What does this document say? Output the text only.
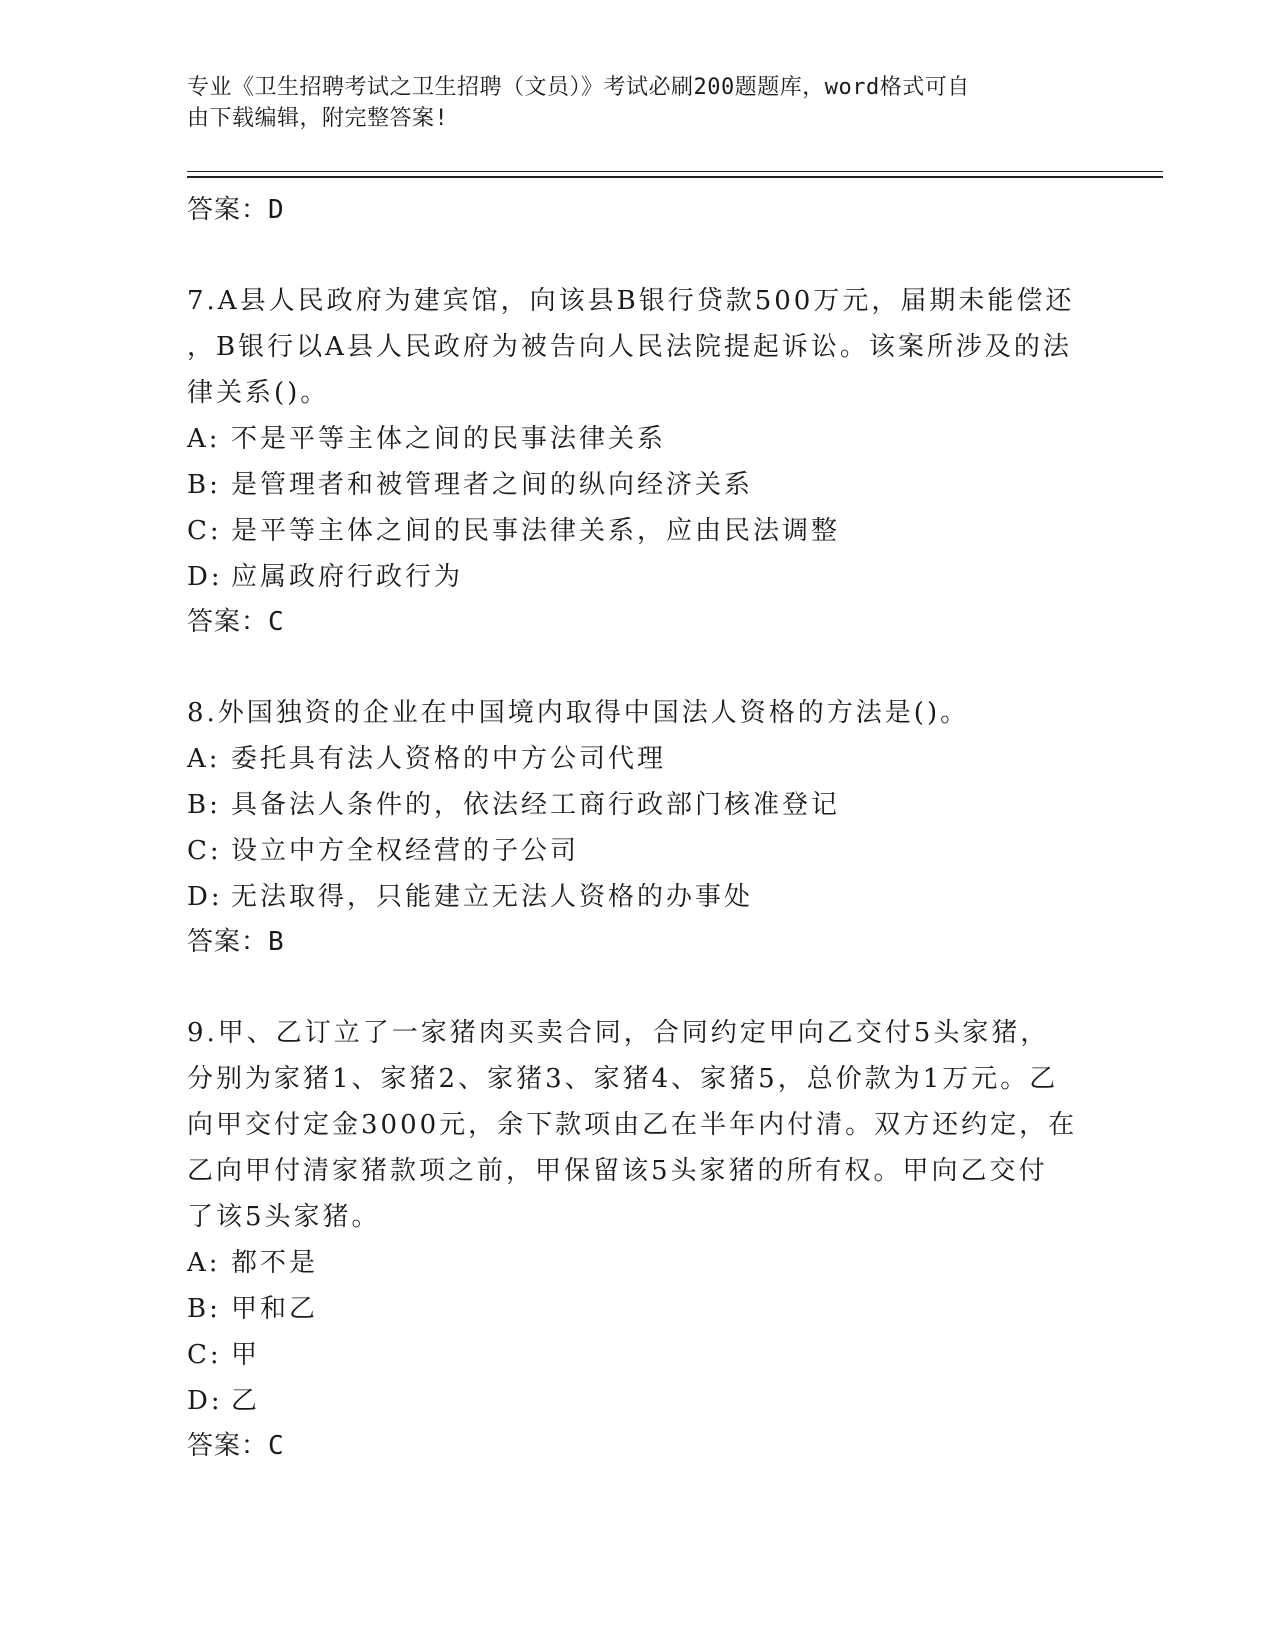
专业《卫生招聘考试之卫生招聘（文员）》考试必刷200题题库，word格式可自
由下载编辑，附完整答案!
答案：D
7.A县人民政府为建宾馆，向该县B银行贷款500万元，届期未能偿还
，B银行以A县人民政府为被告向人民法院提起诉讼。该案所涉及的法
律关系()。
A: 不是平等主体之间的民事法律关系
B: 是管理者和被管理者之间的纵向经济关系
C: 是平等主体之间的民事法律关系，应由民法调整
D: 应属政府行政行为
答案：C
8.外国独资的企业在中国境内取得中国法人资格的方法是()。
A: 委托具有法人资格的中方公司代理
B: 具备法人条件的，依法经工商行政部门核准登记
C: 设立中方全权经营的子公司
D: 无法取得，只能建立无法人资格的办事处
答案：B
9.甲、乙订立了一家猪肉买卖合同，合同约定甲向乙交付5头家猪，
分别为家猪1、家猪2、家猪3、家猪4、家猪5，总价款为1万元。乙
向甲交付定金3000元，余下款项由乙在半年内付清。双方还约定，在
乙向甲付清家猪款项之前，甲保留该5头家猪的所有权。甲向乙交付
了该5头家猪。
A: 都不是
B: 甲和乙
C: 甲
D: 乙
答案：C
